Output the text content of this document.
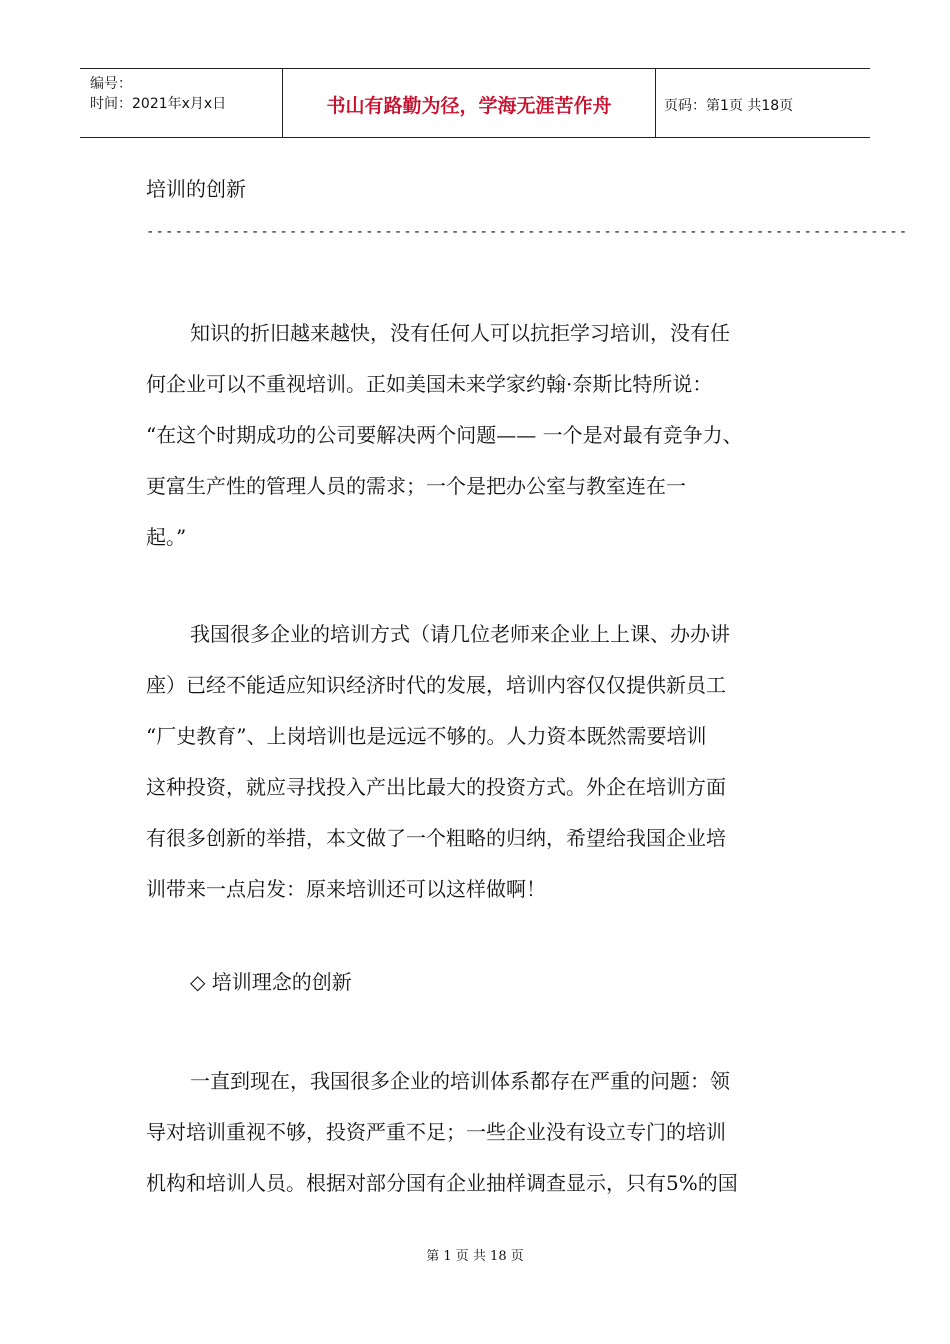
编号：
时间：2021年x月x日	书山有路勤为径，学海无涯苦作舟	页码：第1页 共18页
培训的创新
--------------------------------------------------------------------------------
知识的折旧越来越快，没有任何人可以抗拒学习培训，没有任
何企业可以不重视培训。正如美国未来学家约翰·奈斯比特所说：
“在这个时期成功的公司要解决两个问题—— 一个是对最有竞争力、
更富生产性的管理人员的需求；一个是把办公室与教室连在一
起。”
我国很多企业的培训方式（请几位老师来企业上上课、办办讲
座）已经不能适应知识经济时代的发展，培训内容仅仅提供新员工
“厂史教育”、上岗培训也是远远不够的。人力资本既然需要培训
这种投资，就应寻找投入产出比最大的投资方式。外企在培训方面
有很多创新的举措，本文做了一个粗略的归纳，希望给我国企业培
训带来一点启发：原来培训还可以这样做啊！
◇ 培训理念的创新
一直到现在，我国很多企业的培训体系都存在严重的问题：领
导对培训重视不够，投资严重不足；一些企业没有设立专门的培训
机构和培训人员。根据对部分国有企业抽样调查显示，只有5%的国
第 1 页 共 18 页
